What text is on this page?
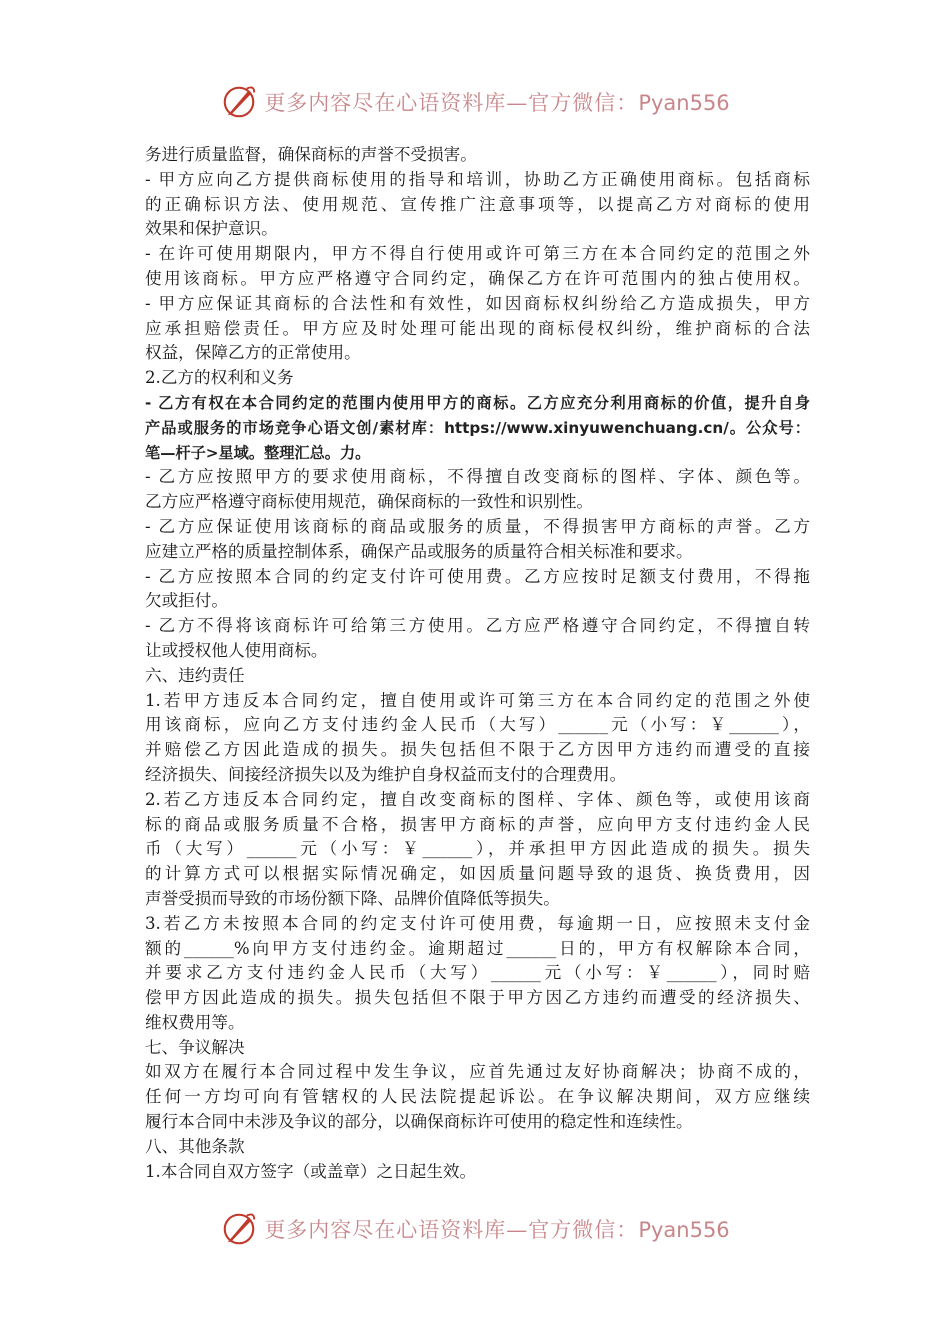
更多内容尽在心语资料库—官方微信：Pyan556
务进行质量监督，确保商标的声誉不受损害。
- 甲方应向乙方提供商标使用的指导和培训，协助乙方正确使用商标。包括商标
的正确标识方法、使用规范、宣传推广注意事项等，以提高乙方对商标的使用
效果和保护意识。
- 在许可使用期限内，甲方不得自行使用或许可第三方在本合同约定的范围之外
使用该商标。甲方应严格遵守合同约定，确保乙方在许可范围内的独占使用权。
- 甲方应保证其商标的合法性和有效性，如因商标权纠纷给乙方造成损失，甲方
应承担赔偿责任。甲方应及时处理可能出现的商标侵权纠纷，维护商标的合法
权益，保障乙方的正常使用。
2.乙方的权利和义务
- 乙方有权在本合同约定的范围内使用甲方的商标。乙方应充分利用商标的价值，提升自身
产品或服务的市场竞争心语文创/素材库：https://www.xinyuwenchuang.cn/。公众号：
笔—杆子>星域。整理汇总。力。
- 乙方应按照甲方的要求使用商标，不得擅自改变商标的图样、字体、颜色等。
乙方应严格遵守商标使用规范，确保商标的一致性和识别性。
- 乙方应保证使用该商标的商品或服务的质量，不得损害甲方商标的声誉。乙方
应建立严格的质量控制体系，确保产品或服务的质量符合相关标准和要求。
- 乙方应按照本合同的约定支付许可使用费。乙方应按时足额支付费用，不得拖
欠或拒付。
- 乙方不得将该商标许可给第三方使用。乙方应严格遵守合同约定，不得擅自转
让或授权他人使用商标。
六、违约责任
1.若甲方违反本合同约定，擅自使用或许可第三方在本合同约定的范围之外使
用该商标，应向乙方支付违约金人民币（大写）______元（小写：￥______），
并赔偿乙方因此造成的损失。损失包括但不限于乙方因甲方违约而遭受的直接
经济损失、间接经济损失以及为维护自身权益而支付的合理费用。
2.若乙方违反本合同约定，擅自改变商标的图样、字体、颜色等，或使用该商
标的商品或服务质量不合格，损害甲方商标的声誉，应向甲方支付违约金人民
币（大写）______元（小写：￥______），并承担甲方因此造成的损失。损失
的计算方式可以根据实际情况确定，如因质量问题导致的退货、换货费用，因
声誉受损而导致的市场份额下降、品牌价值降低等损失。
3.若乙方未按照本合同的约定支付许可使用费，每逾期一日，应按照未支付金
额的______%向甲方支付违约金。逾期超过______日的，甲方有权解除本合同，
并要求乙方支付违约金人民币（大写）______元（小写：￥______），同时赔
偿甲方因此造成的损失。损失包括但不限于甲方因乙方违约而遭受的经济损失、
维权费用等。
七、争议解决
如双方在履行本合同过程中发生争议，应首先通过友好协商解决；协商不成的，
任何一方均可向有管辖权的人民法院提起诉讼。在争议解决期间，双方应继续
履行本合同中未涉及争议的部分，以确保商标许可使用的稳定性和连续性。
八、其他条款
1.本合同自双方签字（或盖章）之日起生效。
更多内容尽在心语资料库—官方微信：Pyan556
